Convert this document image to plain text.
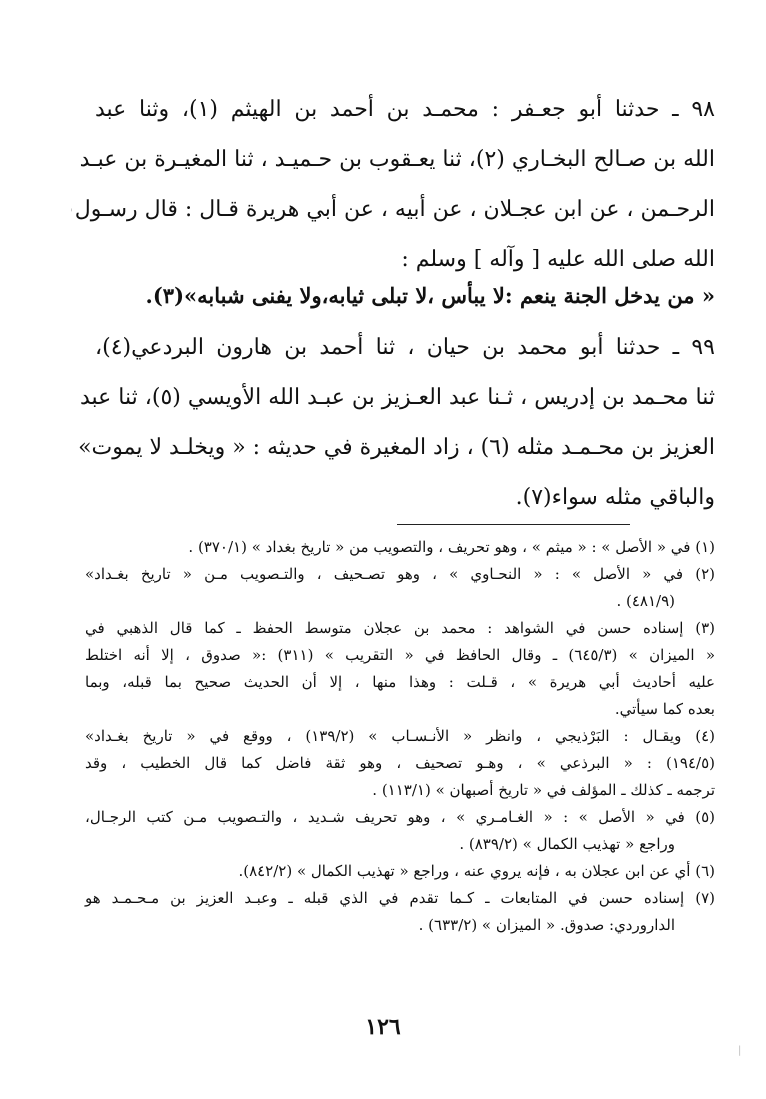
٩٨ ـ حدثنا أبو جعـفر : محمـد بن أحمد بن الهيثم (١)، وثنا عبد
الله بن صـالح البخـاري (٢)، ثنا يعـقوب بن حـميـد ، ثنا المغيـرة بن عبـد
الرحـمن ، عن ابن عجـلان ، عن أبيه ، عن أبي هريرة قـال : قال رسـول
الله صلى الله عليه [ وآله ] وسلم :
« من يدخل الجنة ينعم :لا يبأس ،لا تبلى ثيابه،ولا يفنى شبابه»(٣).
٩٩ ـ حدثنا أبو محمد بن حيان ، ثنا أحمد بن هارون البردعي(٤)،
ثنا محـمد بن إدريس ، ثـنا عبد العـزيز بن عبـد الله الأويسي (٥)، ثنا عبد
العزيز بن محـمـد مثله (٦) ، زاد المغيرة في حديثه : « ويخلـد لا يموت»
والباقي مثله سواء(٧).
(١) في « الأصل » : « ميثم » ، وهو تحريف ، والتصويب من « تاريخ بغداد » (٣٧٠/١) .
(٢) في « الأصل » : « النحـاوي » ، وهو تصـحيف ، والتـصويب مـن « تاريخ بغـداد»
(٤٨١/٩) .
(٣) إسناده حسن في الشواهد : محمد بن عجلان متوسط الحفظ ـ كما قال الذهبي في
« الميزان » (٦٤٥/٣) ـ وقال الحافظ في « التقريب » (٣١١) :« صدوق ، إلا أنه اختلط
عليه أحاديث أبي هريرة » ، قـلت : وهذا منها ، إلا أن الحديث صحيح بما قبله، وبما
بعده كما سيأتي.
(٤) ويقـال : البَرْذيجي ، وانظر « الأنـسـاب » (١٣٩/٢) ، ووقع في « تاريخ بغـداد»
(١٩٤/٥) : « البرذعي » ، وهـو تصحيف ، وهو ثقة فاضل كما قال الخطيب ، وقد
ترجمه ـ كذلك ـ المؤلف في « تاريخ أصبهان » (١١٣/١) .
(٥) في « الأصل » : « الغـامـري » ، وهو تحريف شـديد ، والتـصويب مـن كتب الرجـال،
وراجع « تهذيب الكمال » (٨٣٩/٢) .
(٦) أي عن ابن عجلان به ، فإنه يروي عنه ، وراجع « تهذيب الكمال » (٨٤٢/٢).
(٧) إسناده حسن في المتابعات ـ كـما تقدم في الذي قبله ـ وعبـد العزيز بن مـحـمـد هو
الداروردي: صدوق. « الميزان » (٦٣٣/٢) .
١٢٦
'
|
